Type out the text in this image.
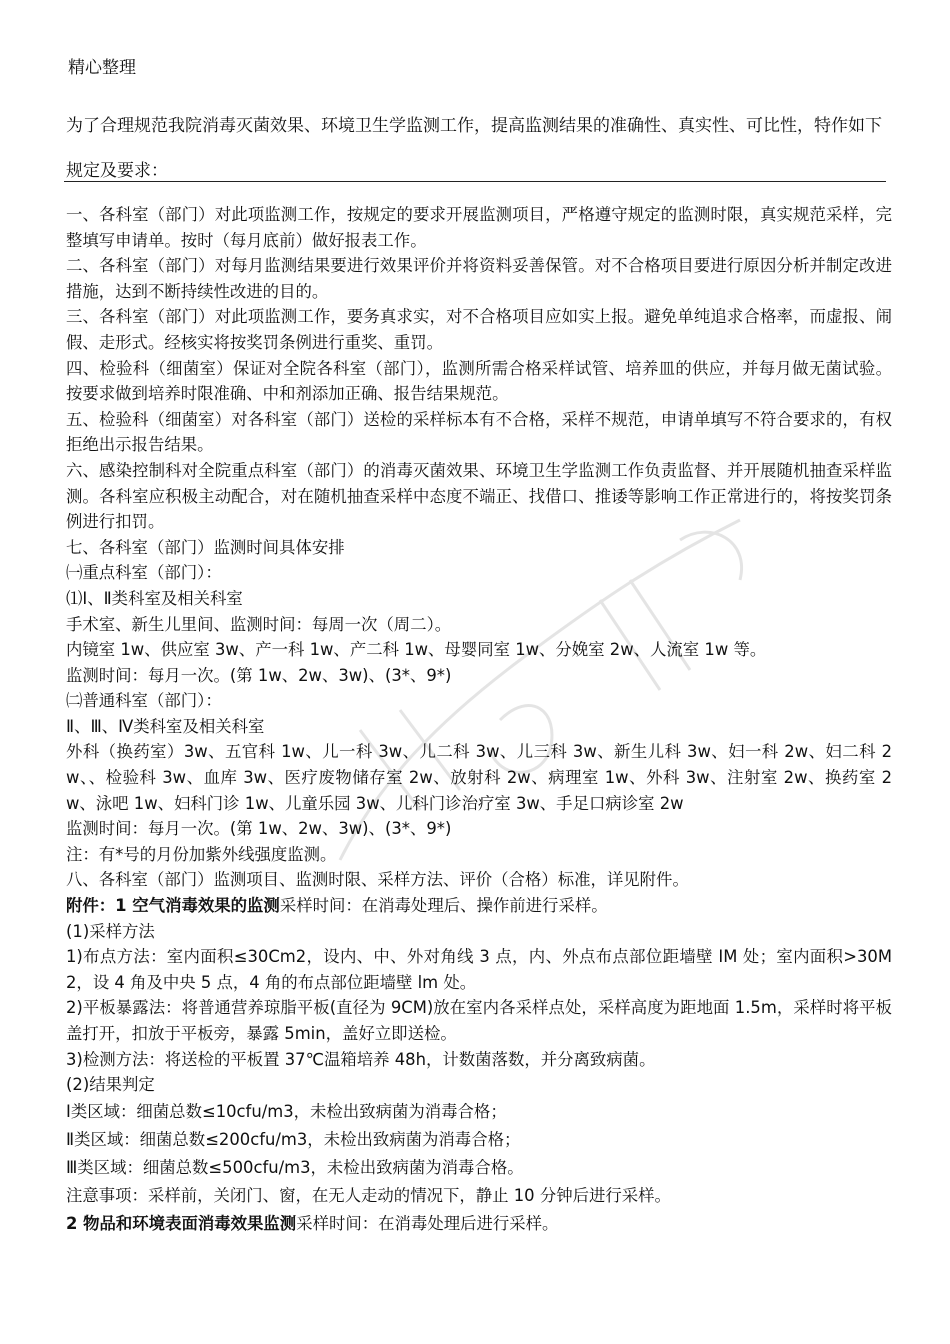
精心整理
为了合理规范我院消毒灭菌效果、环境卫生学监测工作，提高监测结果的准确性、真实性、可比性，特作如下规定及要求：

一、各科室（部门）对此项监测工作，按规定的要求开展监测项目，严格遵守规定的监测时限，真实规范采样，完整填写申请单。按时（每月底前）做好报表工作。

二、各科室（部门）对每月监测结果要进行效果评价并将资料妥善保管。对不合格项目要进行原因分析并制定改进措施，达到不断持续性改进的目的。

三、各科室（部门）对此项监测工作，要务真求实，对不合格项目应如实上报。避免单纯追求合格率，而虚报、闹假、走形式。经核实将按奖罚条例进行重奖、重罚。

四、检验科（细菌室）保证对全院各科室（部门），监测所需合格采样试管、培养皿的供应，并每月做无菌试验。按要求做到培养时限准确、中和剂添加正确、报告结果规范。

五、检验科（细菌室）对各科室（部门）送检的采样标本有不合格，采样不规范，申请单填写不符合要求的，有权拒绝出示报告结果。

六、感染控制科对全院重点科室（部门）的消毒灭菌效果、环境卫生学监测工作负责监督、并开展随机抽查采样监测。各科室应积极主动配合，对在随机抽查采样中态度不端正、找借口、推诿等影响工作正常进行的，将按奖罚条例进行扣罚。

七、各科室（部门）监测时间具体安排

㈠重点科室（部门）：

⑴Ⅰ、Ⅱ类科室及相关科室

手术室、新生儿里间、监测时间：每周一次（周二）。

内镜室 1w、供应室 3w、产一科 1w、产二科 1w、母婴同室 1w、分娩室 2w、人流室 1w 等。

监测时间：每月一次。(第 1w、2w、3w)、(3*、9*)

㈡普通科室（部门）：

Ⅱ、Ⅲ、Ⅳ类科室及相关科室

外科（换药室）3w、五官科 1w、儿一科 3w、儿二科 3w、儿三科 3w、新生儿科 3w、妇一科 2w、妇二科 2w、、检验科 3w、血库 3w、医疗废物储存室 2w、放射科 2w、病理室 1w、外科 3w、注射室 2w、换药室 2w、泳吧 1w、妇科门诊 1w、儿童乐园 3w、儿科门诊治疗室 3w、手足口病诊室 2w

监测时间：每月一次。(第 1w、2w、3w)、(3*、9*)

注：有*号的月份加紫外线强度监测。

八、各科室（部门）监测项目、监测时限、采样方法、评价（合格）标准，详见附件。

附件：1 空气消毒效果的监测采样时间：在消毒处理后、操作前进行采样。

(1)采样方法

1)布点方法：室内面积≤30Cm2，设内、中、外对角线 3 点，内、外点布点部位距墙壁 IM 处；室内面积>30M2，设 4 角及中央 5 点，4 角的布点部位距墙壁 lm 处。

2)平板暴露法：将普通营养琼脂平板(直径为 9CM)放在室内各采样点处，采样高度为距地面 1.5m，采样时将平板盖打开，扣放于平板旁，暴露 5min，盖好立即送检。

3)检测方法：将送检的平板置 37℃温箱培养 48h，计数菌落数，并分离致病菌。

(2)结果判定

Ⅰ类区域：细菌总数≤10cfu/m3，未检出致病菌为消毒合格；

Ⅱ类区域：细菌总数≤200cfu/m3，未检出致病菌为消毒合格；

Ⅲ类区域：细菌总数≤500cfu/m3，未检出致病菌为消毒合格。

注意事项：采样前，关闭门、窗，在无人走动的情况下，静止 10 分钟后进行采样。

2 物品和环境表面消毒效果监测采样时间：在消毒处理后进行采样。
